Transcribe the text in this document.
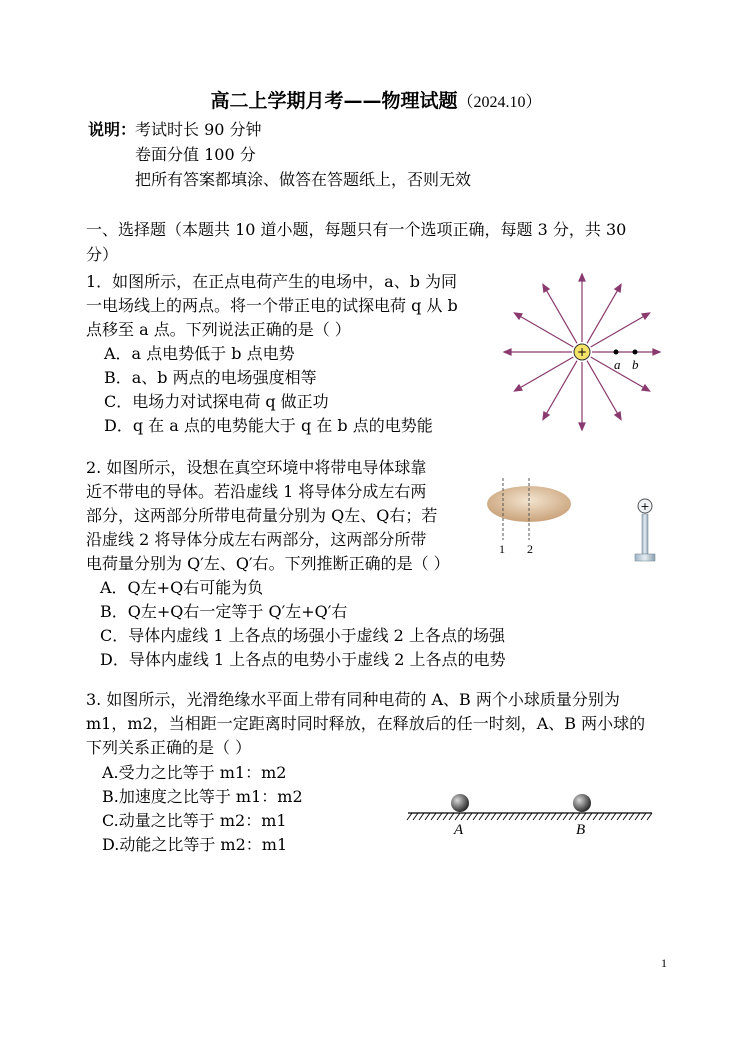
高二上学期月考——物理试题（2024.10）
说明：
考试时长 90 分钟
卷面分值 100 分
把所有答案都填涂、做答在答题纸上，否则无效
一、选择题（本题共 10 道小题，每题只有一个选项正确，每题 3 分，共 30
分）
1．如图所示，在正点电荷产生的电场中，a、b 为同
一电场线上的两点。将一个带正电的试探电荷 q 从 b
点移至 a 点。下列说法正确的是（ ）
A．a 点电势低于 b 点电势
B．a、b 两点的电场强度相等
C．电场力对试探电荷 q 做正功
D．q 在 a 点的电势能大于 q 在 b 点的电势能
+
a b
2. 如图所示，设想在真空环境中将带电导体球靠
近不带电的导体。若沿虚线 1 将导体分成左右两
部分，这两部分所带电荷量分别为 Q左、Q右；若
沿虚线 2 将导体分成左右两部分，这两部分所带
电荷量分别为 Q′左、Q′右。下列推断正确的是（ ）
A．Q左+Q右可能为负
B．Q左+Q右一定等于 Q′左+Q′右
C．导体内虚线 1 上各点的场强小于虚线 2 上各点的场强
D．导体内虚线 1 上各点的电势小于虚线 2 上各点的电势
1 2
+
3. 如图所示，光滑绝缘水平面上带有同种电荷的 A、B 两个小球质量分别为
m1，m2，当相距一定距离时同时释放，在释放后的任一时刻，A、B 两小球的
下列关系正确的是（ ）
A.受力之比等于 m1：m2
B.加速度之比等于 m1：m2
C.动量之比等于 m2：m1
D.动能之比等于 m2：m1
A	B
1
